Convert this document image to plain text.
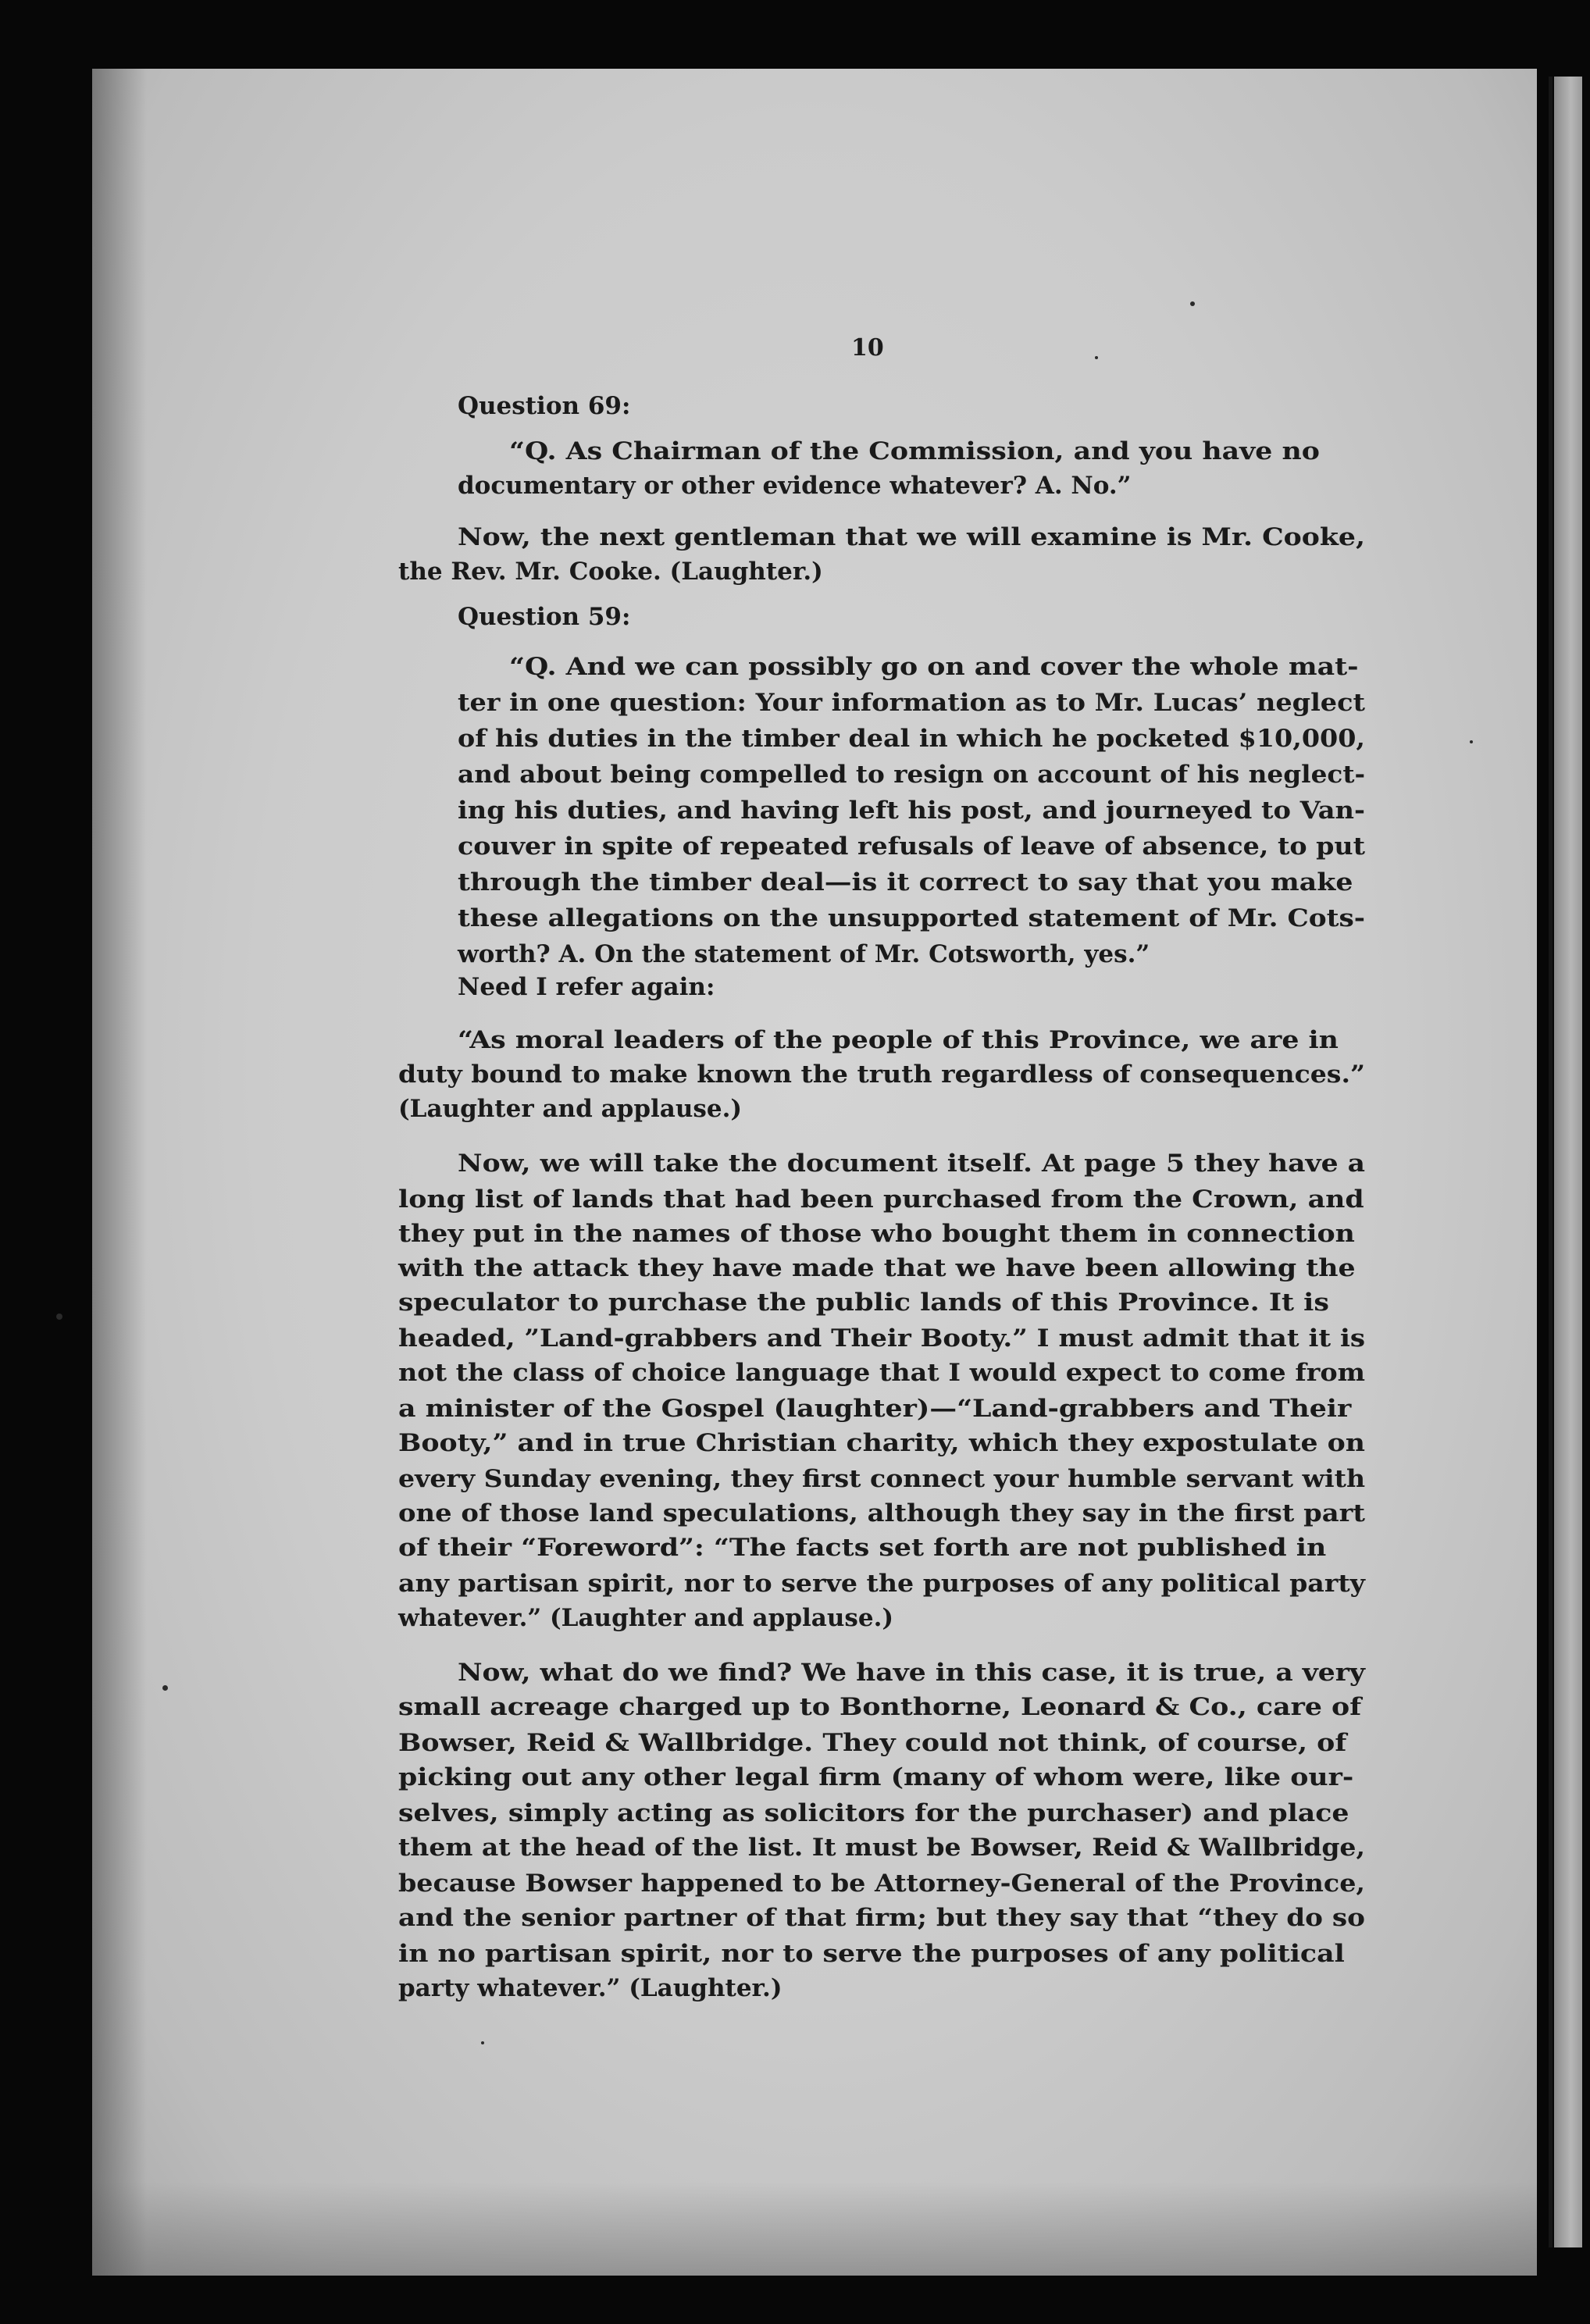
10
Question 69:
“Q. As Chairman of the Commission, and you have no
documentary or other evidence whatever? A. No.”
Now, the next gentleman that we will examine is Mr. Cooke,
the Rev. Mr. Cooke. (Laughter.)
Question 59:
“Q. And we can possibly go on and cover the whole mat-
ter in one question: Your information as to Mr. Lucas’ neglect
of his duties in the timber deal in which he pocketed $10,000,
and about being compelled to resign on account of his neglect-
ing his duties, and having left his post, and journeyed to Van-
couver in spite of repeated refusals of leave of absence, to put
through the timber deal—is it correct to say that you make
these allegations on the unsupported statement of Mr. Cots-
worth? A. On the statement of Mr. Cotsworth, yes.”
Need I refer again:
“As moral leaders of the people of this Province, we are in
duty bound to make known the truth regardless of consequences.”
(Laughter and applause.)
Now, we will take the document itself. At page 5 they have a
long list of lands that had been purchased from the Crown, and
they put in the names of those who bought them in connection
with the attack they have made that we have been allowing the
speculator to purchase the public lands of this Province. It is
headed, ”Land-grabbers and Their Booty.” I must admit that it is
not the class of choice language that I would expect to come from
a minister of the Gospel (laughter)—“Land-grabbers and Their
Booty,” and in true Christian charity, which they expostulate on
every Sunday evening, they first connect your humble servant with
one of those land speculations, although they say in the first part
of their “Foreword”: “The facts set forth are not published in
any partisan spirit, nor to serve the purposes of any political party
whatever.” (Laughter and applause.)
Now, what do we find? We have in this case, it is true, a very
small acreage charged up to Bonthorne, Leonard & Co., care of
Bowser, Reid & Wallbridge. They could not think, of course, of
picking out any other legal firm (many of whom were, like our-
selves, simply acting as solicitors for the purchaser) and place
them at the head of the list. It must be Bowser, Reid & Wallbridge,
because Bowser happened to be Attorney-General of the Province,
and the senior partner of that firm; but they say that “they do so
in no partisan spirit, nor to serve the purposes of any political
party whatever.” (Laughter.)
